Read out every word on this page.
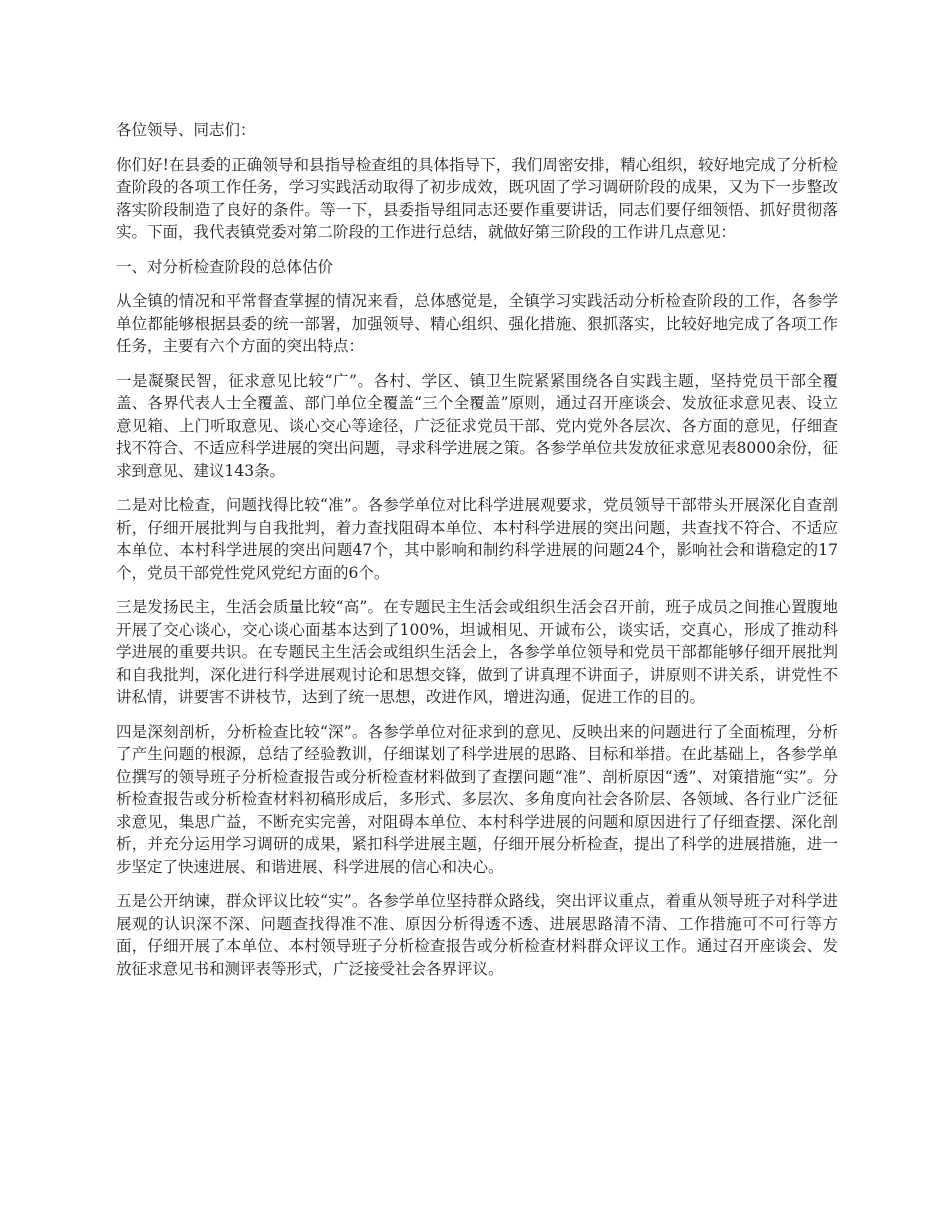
各位领导、同志们：

你们好!在县委的正确领导和县指导检查组的具体指导下，我们周密安排，精心组织，较好地完成了分析检查阶段的各项工作任务，学习实践活动取得了初步成效，既巩固了学习调研阶段的成果，又为下一步整改落实阶段制造了良好的条件。等一下，县委指导组同志还要作重要讲话，同志们要仔细领悟、抓好贯彻落实。下面，我代表镇党委对第二阶段的工作进行总结，就做好第三阶段的工作讲几点意见：

一、对分析检查阶段的总体估价

从全镇的情况和平常督查掌握的情况来看，总体感觉是，全镇学习实践活动分析检查阶段的工作，各参学单位都能够根据县委的统一部署，加强领导、精心组织、强化措施、狠抓落实，比较好地完成了各项工作任务，主要有六个方面的突出特点：

一是凝聚民智，征求意见比较“广”。各村、学区、镇卫生院紧紧围绕各自实践主题，坚持党员干部全覆盖、各界代表人士全覆盖、部门单位全覆盖“三个全覆盖”原则，通过召开座谈会、发放征求意见表、设立意见箱、上门听取意见、谈心交心等途径，广泛征求党员干部、党内党外各层次、各方面的意见，仔细查找不符合、不适应科学进展的突出问题，寻求科学进展之策。各参学单位共发放征求意见表8000余份，征求到意见、建议143条。

二是对比检查，问题找得比较“准”。各参学单位对比科学进展观要求，党员领导干部带头开展深化自查剖析，仔细开展批判与自我批判，着力查找阻碍本单位、本村科学进展的突出问题，共查找不符合、不适应本单位、本村科学进展的突出问题47个，其中影响和制约科学进展的问题24个，影响社会和谐稳定的17个，党员干部党性党风党纪方面的6个。

三是发扬民主，生活会质量比较“高”。在专题民主生活会或组织生活会召开前，班子成员之间推心置腹地开展了交心谈心，交心谈心面基本达到了100%，坦诚相见、开诚布公，谈实话，交真心，形成了推动科学进展的重要共识。在专题民主生活会或组织生活会上，各参学单位领导和党员干部都能够仔细开展批判和自我批判，深化进行科学进展观讨论和思想交锋，做到了讲真理不讲面子，讲原则不讲关系，讲党性不讲私情，讲要害不讲枝节，达到了统一思想，改进作风，增进沟通，促进工作的目的。

四是深刻剖析，分析检查比较“深”。各参学单位对征求到的意见、反映出来的问题进行了全面梳理，分析了产生问题的根源，总结了经验教训，仔细谋划了科学进展的思路、目标和举措。在此基础上，各参学单位撰写的领导班子分析检查报告或分析检查材料做到了查摆问题“准”、剖析原因“透”、对策措施“实”。分析检查报告或分析检查材料初稿形成后，多形式、多层次、多角度向社会各阶层、各领域、各行业广泛征求意见，集思广益，不断充实完善，对阻碍本单位、本村科学进展的问题和原因进行了仔细查摆、深化剖析，并充分运用学习调研的成果，紧扣科学进展主题，仔细开展分析检查，提出了科学的进展措施，进一步坚定了快速进展、和谐进展、科学进展的信心和决心。

五是公开纳谏，群众评议比较“实”。各参学单位坚持群众路线，突出评议重点，着重从领导班子对科学进展观的认识深不深、问题查找得准不准、原因分析得透不透、进展思路清不清、工作措施可不可行等方面，仔细开展了本单位、本村领导班子分析检查报告或分析检查材料群众评议工作。通过召开座谈会、发放征求意见书和测评表等形式，广泛接受社会各界评议。
